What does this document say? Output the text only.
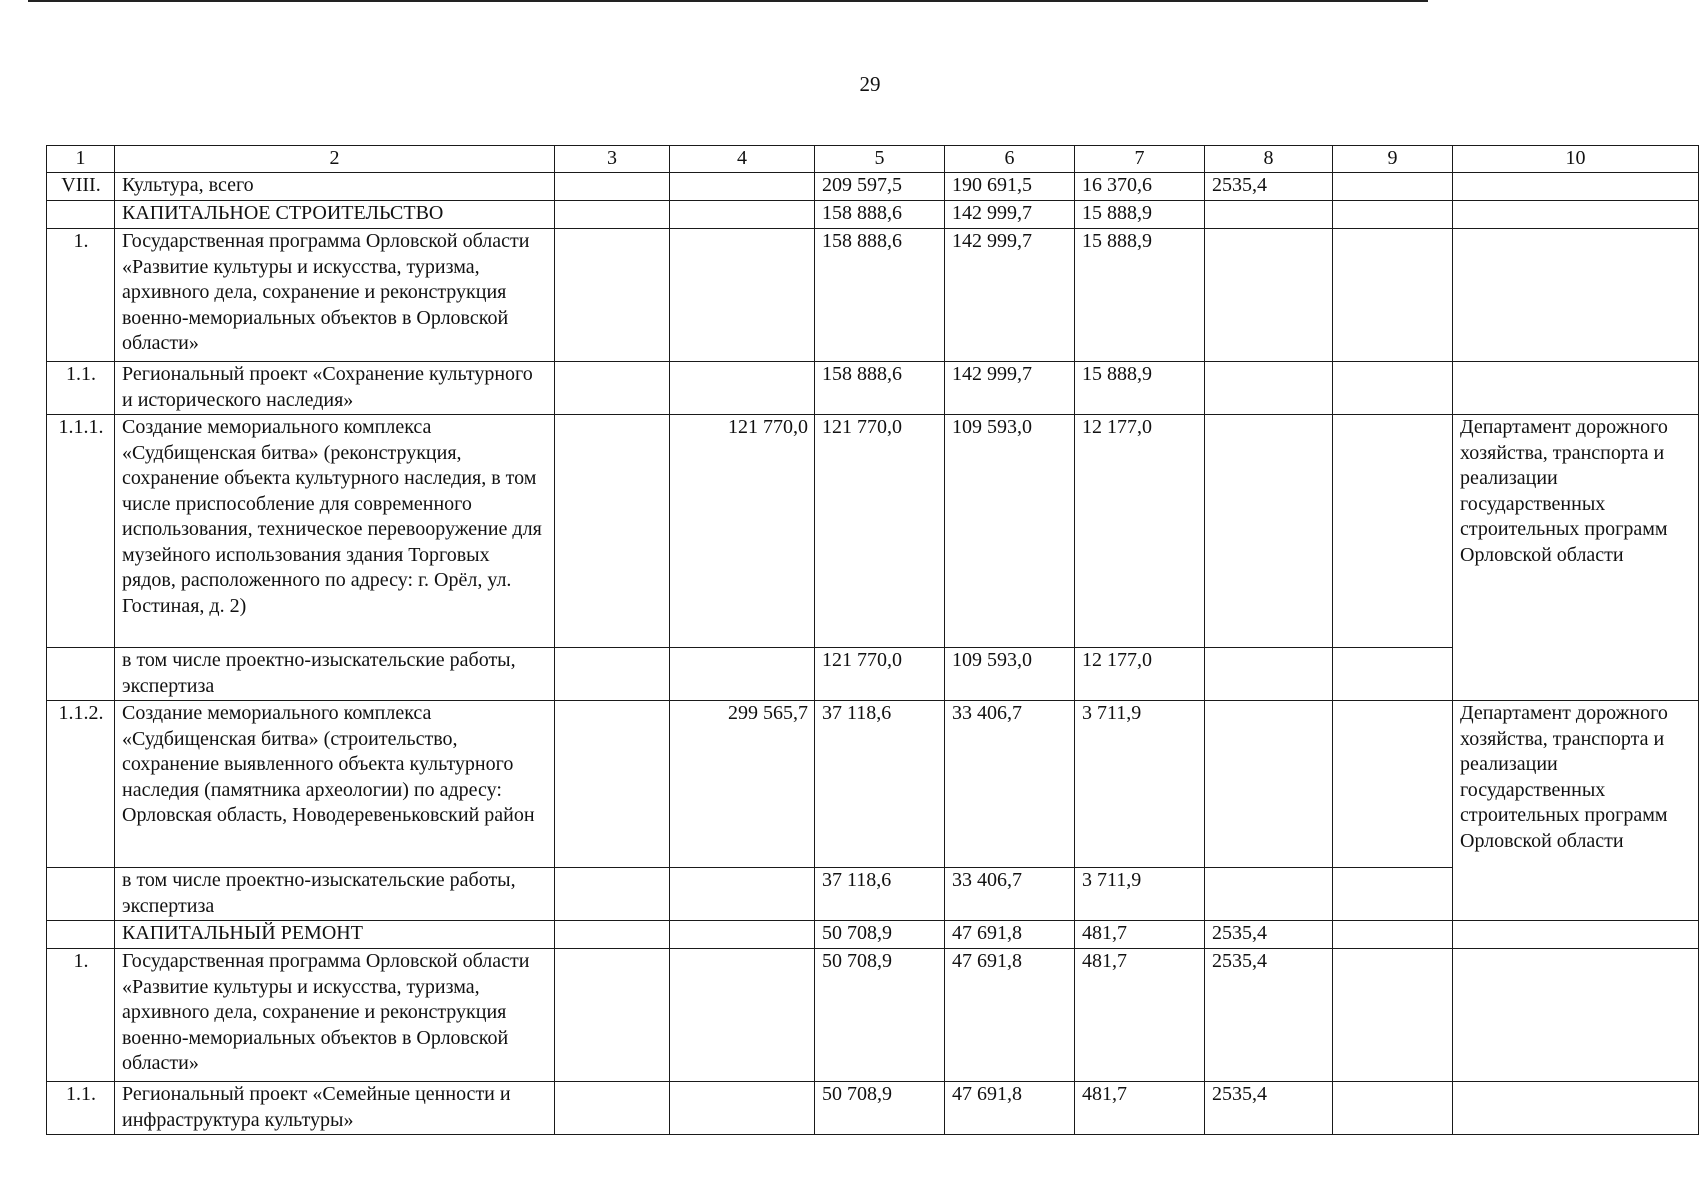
29
1	2	3	4	5	6	7	8	9	10
VIII.	Культура, всего			209 597,5	190 691,5	16 370,6	2535,4		
	КАПИТАЛЬНОЕ СТРОИТЕЛЬСТВО			158 888,6	142 999,7	15 888,9			
1.	Государственная программа Орловской области «Развитие культуры и искусства, туризма, архивного дела, сохранение и реконструкция военно-мемориальных объектов в Орловской области»			158 888,6	142 999,7	15 888,9			
1.1.	Региональный проект «Сохранение культурного и исторического наследия»			158 888,6	142 999,7	15 888,9			
1.1.1.	Создание мемориального комплекса «Судбищенская битва» (реконструкция, сохранение объекта культурного наследия, в том числе приспособление для современного использования, техническое перевооружение для музейного использования здания Торговых рядов, расположенного по адресу: г. Орёл, ул. Гостиная, д. 2)		121 770,0	121 770,0	109 593,0	12 177,0			Департамент дорожного хозяйства, транспорта и реализации государственных строительных программ Орловской области
	в том числе проектно-изыскательские работы, экспертиза			121 770,0	109 593,0	12 177,0			
1.1.2.	Создание мемориального комплекса «Судбищенская битва» (строительство, сохранение выявленного объекта культурного наследия (памятника археологии) по адресу: Орловская область, Новодеревеньковский район		299 565,7	37 118,6	33 406,7	3 711,9			Департамент дорожного хозяйства, транспорта и реализации государственных строительных программ Орловской области
	в том числе проектно-изыскательские работы, экспертиза			37 118,6	33 406,7	3 711,9			
	КАПИТАЛЬНЫЙ РЕМОНТ			50 708,9	47 691,8	481,7	2535,4		
1.	Государственная программа Орловской области «Развитие культуры и искусства, туризма, архивного дела, сохранение и реконструкция военно-мемориальных объектов в Орловской области»			50 708,9	47 691,8	481,7	2535,4		
1.1.	Региональный проект «Семейные ценности и инфраструктура культуры»			50 708,9	47 691,8	481,7	2535,4		
